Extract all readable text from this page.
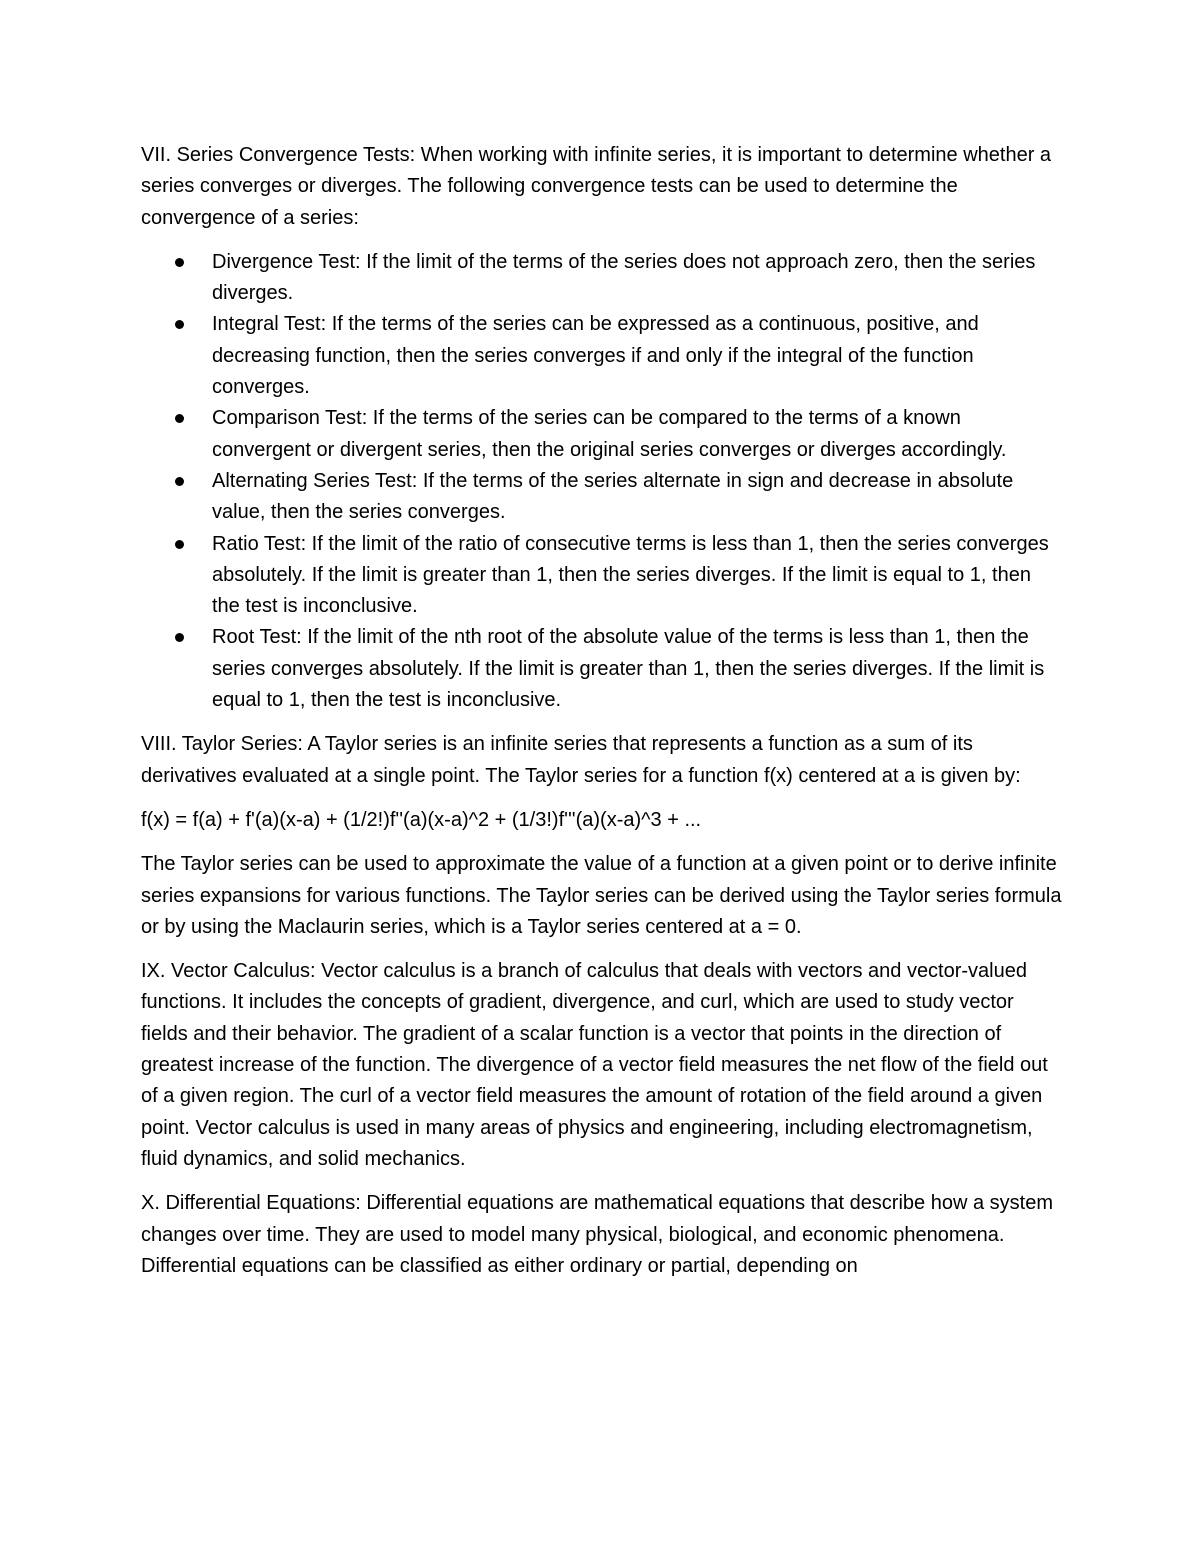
VII. Series Convergence Tests: When working with infinite series, it is important to determine whether a series converges or diverges. The following convergence tests can be used to determine the convergence of a series:

Divergence Test: If the limit of the terms of the series does not approach zero, then the series diverges.
Integral Test: If the terms of the series can be expressed as a continuous, positive, and decreasing function, then the series converges if and only if the integral of the function converges.
Comparison Test: If the terms of the series can be compared to the terms of a known convergent or divergent series, then the original series converges or diverges accordingly.
Alternating Series Test: If the terms of the series alternate in sign and decrease in absolute value, then the series converges.
Ratio Test: If the limit of the ratio of consecutive terms is less than 1, then the series converges absolutely. If the limit is greater than 1, then the series diverges. If the limit is equal to 1, then the test is inconclusive.
Root Test: If the limit of the nth root of the absolute value of the terms is less than 1, then the series converges absolutely. If the limit is greater than 1, then the series diverges. If the limit is equal to 1, then the test is inconclusive.

VIII. Taylor Series: A Taylor series is an infinite series that represents a function as a sum of its derivatives evaluated at a single point. The Taylor series for a function f(x) centered at a is given by:

f(x) = f(a) + f'(a)(x-a) + (1/2!)f''(a)(x-a)^2 + (1/3!)f'''(a)(x-a)^3 + ...

The Taylor series can be used to approximate the value of a function at a given point or to derive infinite series expansions for various functions. The Taylor series can be derived using the Taylor series formula or by using the Maclaurin series, which is a Taylor series centered at a = 0.

IX. Vector Calculus: Vector calculus is a branch of calculus that deals with vectors and vector-valued functions. It includes the concepts of gradient, divergence, and curl, which are used to study vector fields and their behavior. The gradient of a scalar function is a vector that points in the direction of greatest increase of the function. The divergence of a vector field measures the net flow of the field out of a given region. The curl of a vector field measures the amount of rotation of the field around a given point. Vector calculus is used in many areas of physics and engineering, including electromagnetism, fluid dynamics, and solid mechanics.

X. Differential Equations: Differential equations are mathematical equations that describe how a system changes over time. They are used to model many physical, biological, and economic phenomena. Differential equations can be classified as either ordinary or partial, depending on
